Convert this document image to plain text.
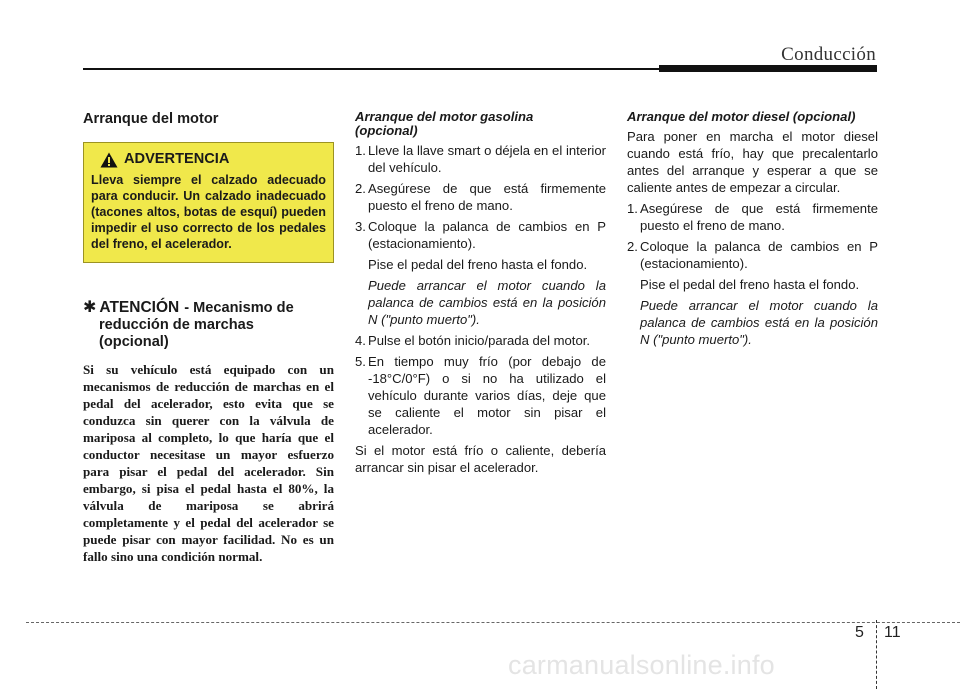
Conducción
Arranque del motor
ADVERTENCIA
Lleva siempre el calzado adecuado para conducir. Un calzado inadecuado (tacones altos, botas de esquí) pueden impedir el uso correcto de los pedales del freno, el acelerador.
✱ ATENCIÓN - Mecanismo de
reducción de marchas
(opcional)
Si su vehículo está equipado con un mecanismos de reducción de marchas en el pedal del acelerador, esto evita que se conduzca sin querer con la válvula de mariposa al completo, lo que haría que el conductor necesitase un mayor esfuerzo para pisar el pedal del acelerador. Sin embargo, si pisa el pedal hasta el 80%, la válvula de mariposa se abrirá completamente y el pedal del acelerador se puede pisar con mayor facilidad. No es un fallo sino una condición normal.
Arranque del motor gasolina
(opcional)
1. Lleve la llave smart o déjela en el interior del vehículo.
2. Asegúrese de que está firmemente puesto el freno de mano.
3. Coloque la palanca de cambios en P (estacionamiento).
Pise el pedal del freno hasta el fondo.
Puede arrancar el motor cuando la palanca de cambios está en la posición N ("punto muerto").
4. Pulse el botón inicio/parada del motor.
5. En tiempo muy frío (por debajo de -18°C/0°F) o si no ha utilizado el vehículo durante varios días, deje que se caliente el motor sin pisar el acelerador.
Si el motor está frío o caliente, debería arrancar sin pisar el acelerador.
Arranque del motor diesel (opcional)
Para poner en marcha el motor diesel cuando está frío, hay que precalentarlo antes del arranque y esperar a que se caliente antes de empezar a circular.
1. Asegúrese de que está firmemente puesto el freno de mano.
2. Coloque la palanca de cambios en P (estacionamiento).
Pise el pedal del freno hasta el fondo.
Puede arrancar el motor cuando la palanca de cambios está en la posición N ("punto muerto").
5 11
carmanualsonline.info
